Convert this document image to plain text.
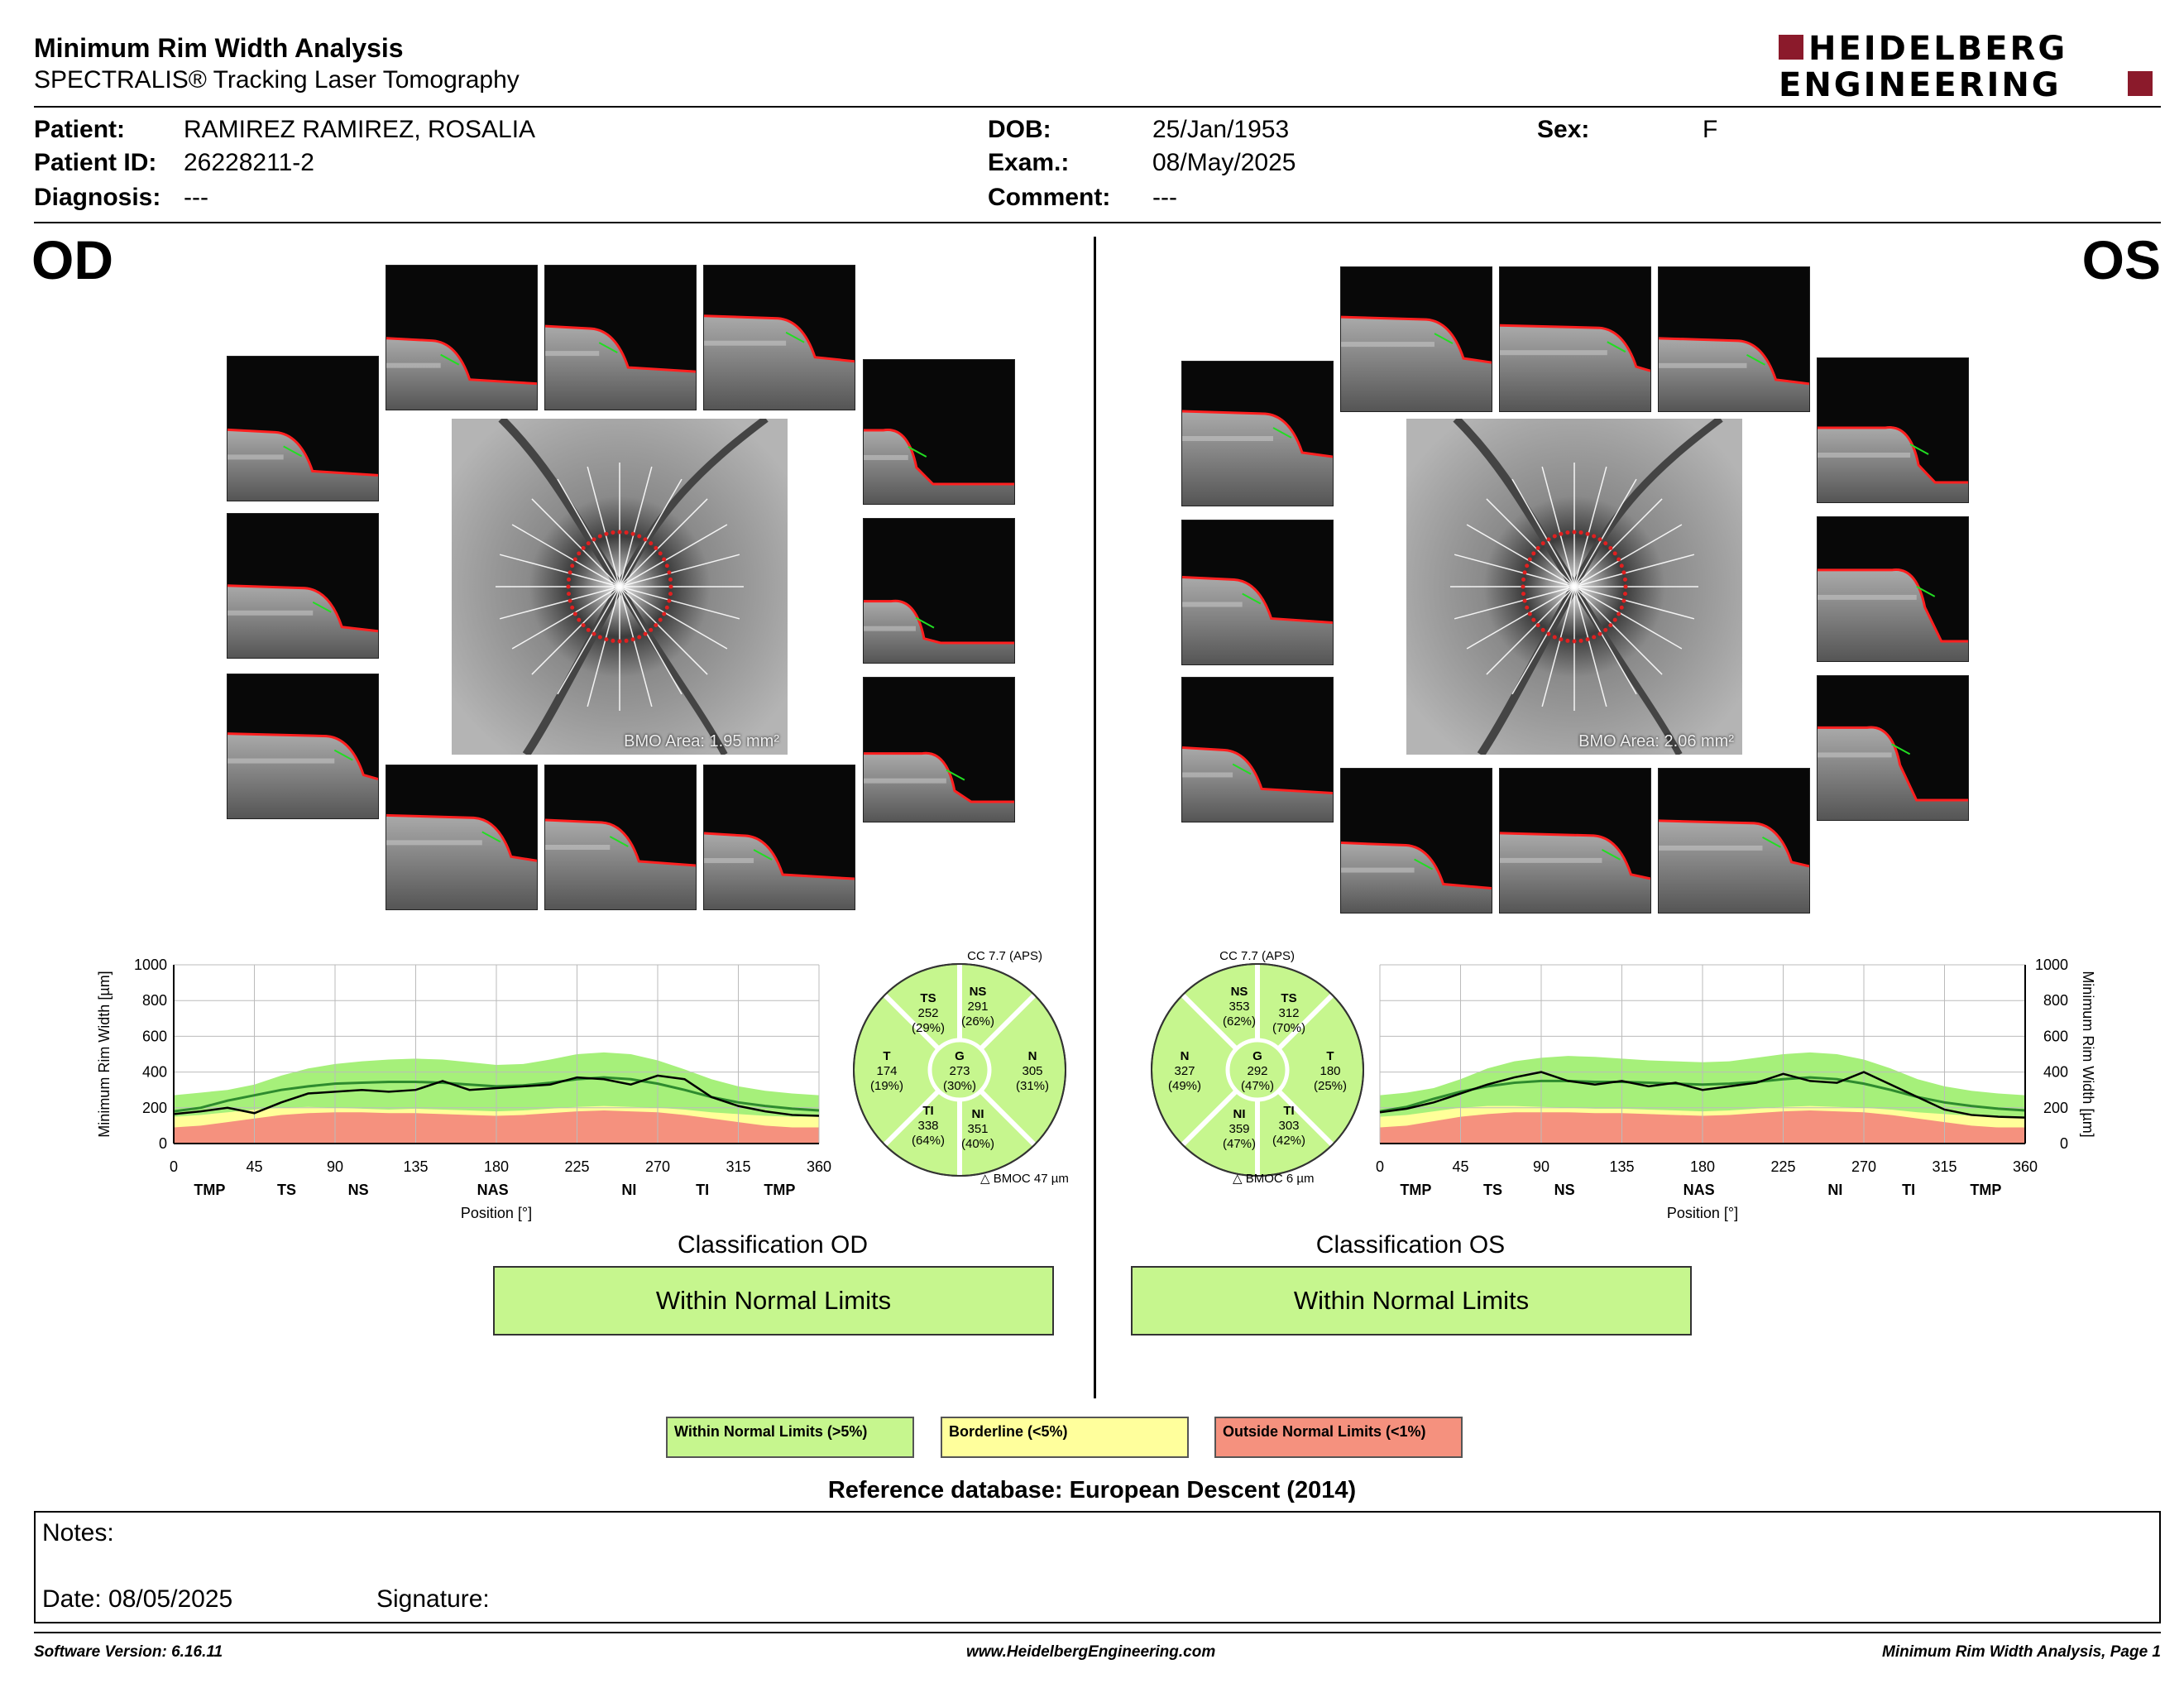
Minimum Rim Width Analysis
SPECTRALIS® Tracking Laser Tomography
HEIDELBERG
ENGINEERING
Patient: RAMIREZ RAMIREZ, ROSALIA
Patient ID: 26228211-2
Diagnosis: ---
DOB:	25/Jan/1953
Exam.:	08/May/2025
Comment: ---
Sex:	F
OD	OS
BMO Area: 1.95 mm²	BMO Area: 2.06 mm²
0	45	90	135	180	225	270	315	360
0
200
400
600
800
1000
TMP	TS	NS	NAS	NI	TI	TMP
Position [°]
Minimum Rim Width [µm]
0	45	90	135	180	225	270	315	360
0
200
400
600
800
1000
TMP	TS	NS	NAS	NI	TI	TMP
Position [°]
Minimum Rim Width [µm]
TS
252
(29%)
NS
291
(26%)
T
174
(19%)
G
273
(30%)
N
305
(31%)
TI
338
(64%)
NI
351
(40%)
CC 7.7 (APS)
△ BMOC 47 µm
NS
353
(62%)
TS
312
(70%)
N
327
(49%)
G
292
(47%)
T
180
(25%)
NI
359
(47%)
TI
303
(42%)
CC 7.7 (APS)
△ BMOC 6 µm
Classification OD
Within Normal Limits
Classification OS
Within Normal Limits
Within Normal Limits (>5%)	Borderline (<5%)	Outside Normal Limits (<1%)
Reference database: European Descent (2014)
Notes:
Date: 08/05/2025	Signature:
Software Version: 6.16.11	www.HeidelbergEngineering.com	Minimum Rim Width Analysis, Page 1
